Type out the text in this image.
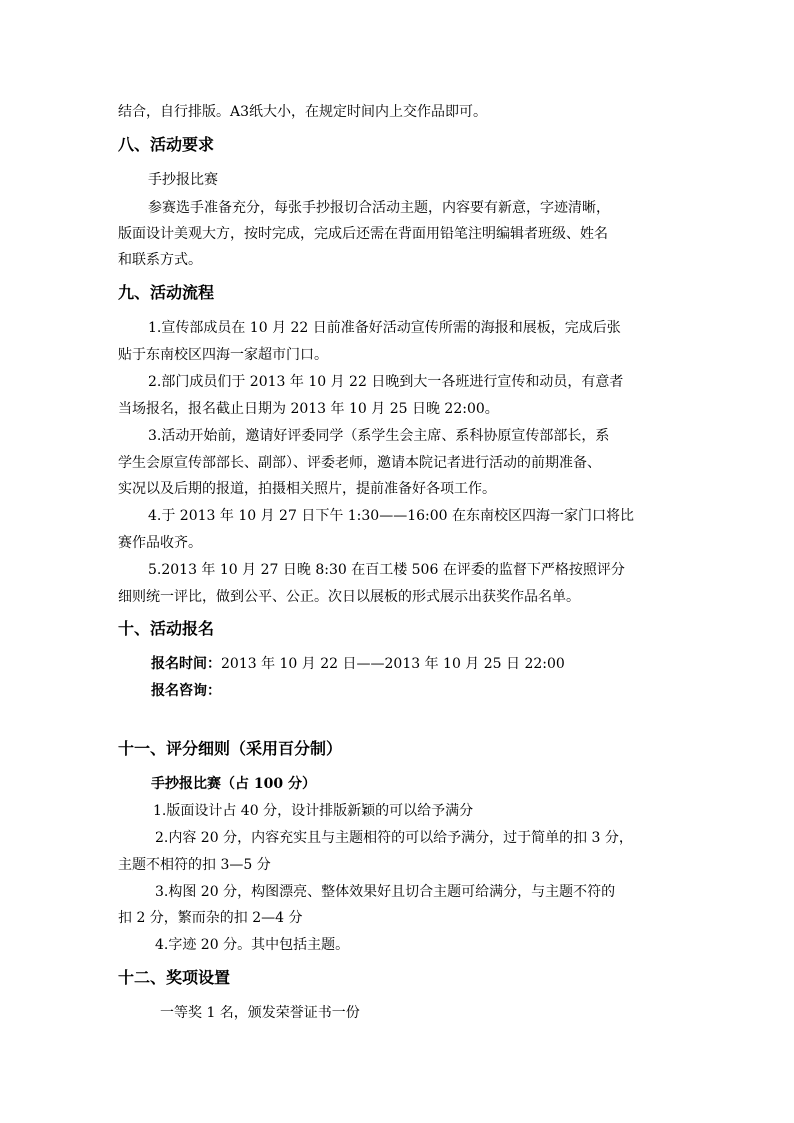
结合，自行排版。A3纸大小，在规定时间内上交作品即可。
八、活动要求
手抄报比赛
参赛选手准备充分，每张手抄报切合活动主题，内容要有新意，字迹清晰，
版面设计美观大方，按时完成，完成后还需在背面用铅笔注明编辑者班级、姓名
和联系方式。
九、活动流程
1.宣传部成员在 10 月 22 日前准备好活动宣传所需的海报和展板，完成后张
贴于东南校区四海一家超市门口。
2.部门成员们于 2013 年 10 月 22 日晚到大一各班进行宣传和动员，有意者
当场报名，报名截止日期为 2013 年 10 月 25 日晚 22:00。
3.活动开始前，邀请好评委同学（系学生会主席、系科协原宣传部部长，系
学生会原宣传部部长、副部）、评委老师，邀请本院记者进行活动的前期准备、
实况以及后期的报道，拍摄相关照片，提前准备好各项工作。
4.于 2013 年 10 月 27 日下午 1:30——16:00 在东南校区四海一家门口将比
赛作品收齐。
5.2013 年 10 月 27 日晚 8:30 在百工楼 506 在评委的监督下严格按照评分
细则统一评比，做到公平、公正。次日以展板的形式展示出获奖作品名单。
十、活动报名
报名时间：2013 年 10 月 22 日——2013 年 10 月 25 日 22:00
报名咨询：
十一、评分细则（采用百分制）
手抄报比赛（占 100 分）
1.版面设计占 40 分，设计排版新颖的可以给予满分
2.内容 20 分，内容充实且与主题相符的可以给予满分，过于简单的扣 3 分，
主题不相符的扣 3—5 分
3.构图 20 分，构图漂亮、整体效果好且切合主题可给满分，与主题不符的
扣 2 分，繁而杂的扣 2—4 分
4.字迹 20 分。其中包括主题。
十二、奖项设置
一等奖 1 名，颁发荣誉证书一份
